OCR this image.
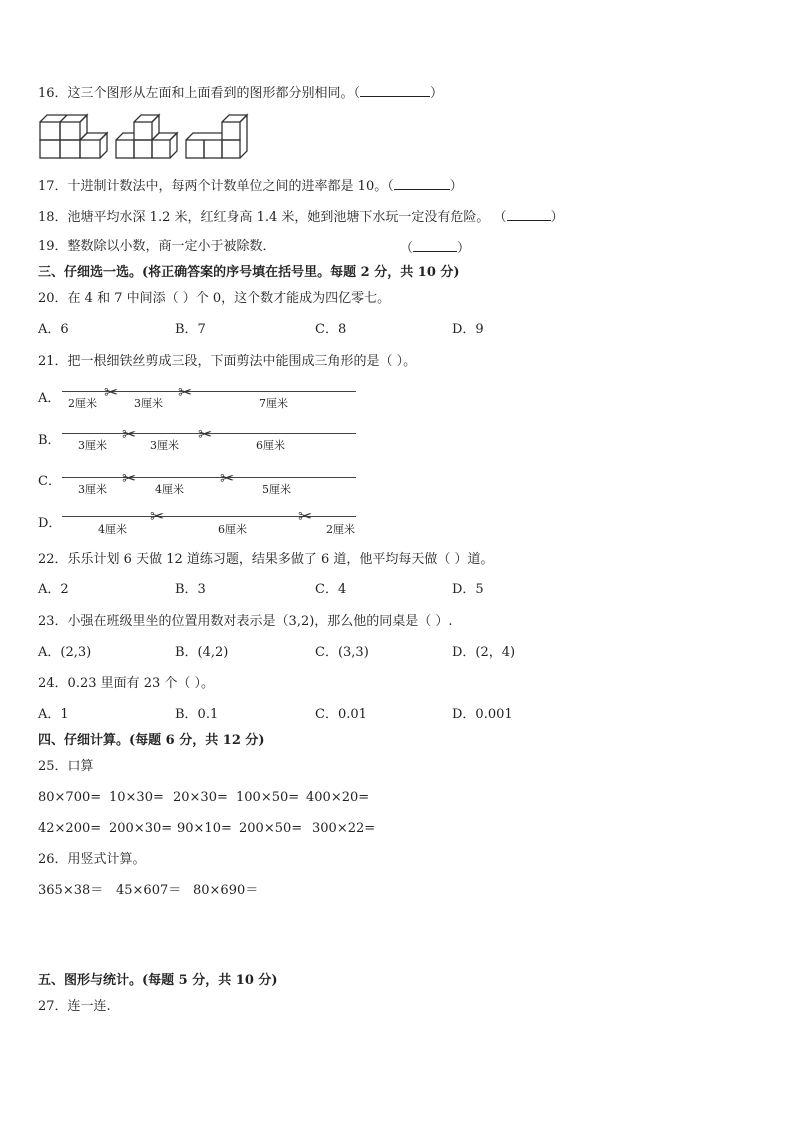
16．这三个图形从左面和上面看到的图形都分别相同。（	）
17．十进制计数法中，每两个计数单位之间的进率都是 10。（	）
18．池塘平均水深 1.2 米，红红身高 1.4 米，她到池塘下水玩一定没有危险。 （	）
19．整数除以小数，商一定小于被除数．	（	）
三、仔细选一选。(将正确答案的序号填在括号里。每题 2 分，共 10 分)
20．在 4 和 7 中间添（ ）个 0，这个数才能成为四亿零七。
A．6	B．7	C．8	D．9
21．把一根细铁丝剪成三段，下面剪法中能围成三角形的是（ ）。
A．	✂	✂
2厘米	3厘米	7厘米
B．	✂	✂
3厘米	3厘米	6厘米
C．	✂	✂
3厘米	4厘米	5厘米
D．	✂	✂
4厘米	6厘米	2厘米
22．乐乐计划 6 天做 12 道练习题，结果多做了 6 道，他平均每天做（ ）道。
A．2	B．3	C．4	D．5
23．小强在班级里坐的位置用数对表示是（3,2)，那么他的同桌是（ ）.
A．(2,3)	B．(4,2)	C．(3,3)	D．(2，4)
24．0.23 里面有 23 个（ ）。
A．1	B．0.1	C．0.01	D．0.001
四、仔细计算。(每题 6 分，共 12 分)
25．口算
80×700= 10×30= 20×30= 100×50= 400×20=
42×200= 200×30= 90×10= 200×50= 300×22=
26．用竖式计算。
365×38＝ 45×607＝ 80×690＝
五、图形与统计。(每题 5 分，共 10 分)
27．连一连.
